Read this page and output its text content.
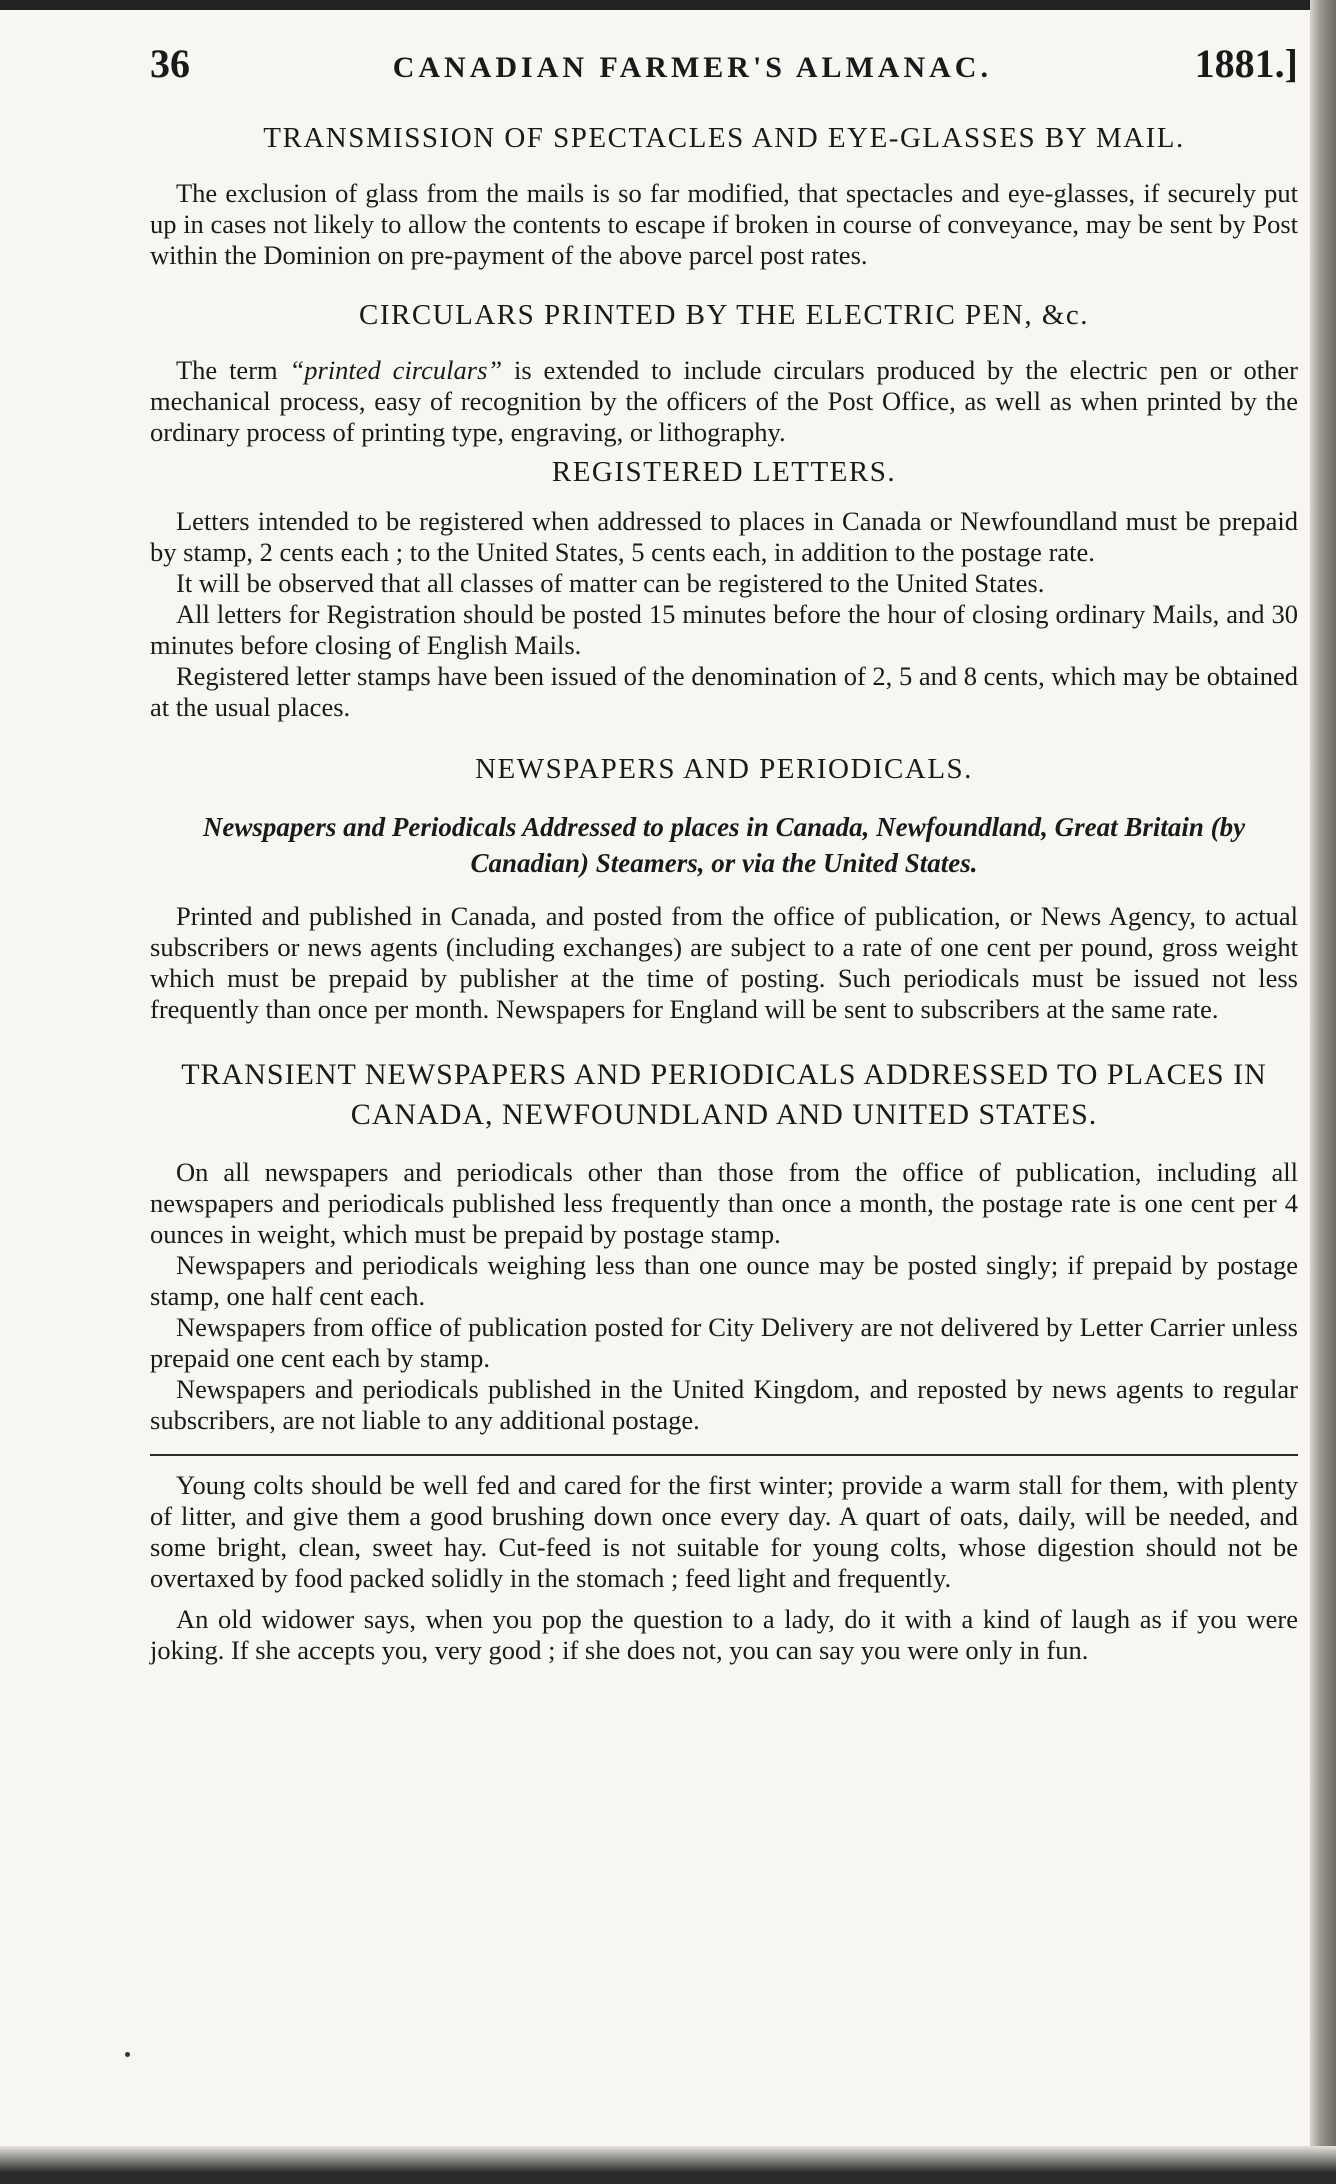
36	CANADIAN FARMER'S ALMANAC.	1881.]
TRANSMISSION OF SPECTACLES AND EYE-GLASSES BY MAIL.

The exclusion of glass from the mails is so far modified, that spectacles and eye-glasses, if securely put up in cases not likely to allow the contents to escape if broken in course of conveyance, may be sent by Post within the Dominion on pre-payment of the above parcel post rates.

CIRCULARS PRINTED BY THE ELECTRIC PEN, &c.

The term “printed circulars” is extended to include circulars produced by the electric pen or other mechanical process, easy of recognition by the officers of the Post Office, as well as when printed by the ordinary process of printing type, engraving, or lithography.

REGISTERED LETTERS.

Letters intended to be registered when addressed to places in Canada or Newfoundland must be prepaid by stamp, 2 cents each ; to the United States, 5 cents each, in addition to the postage rate.

It will be observed that all classes of matter can be registered to the United States.

All letters for Registration should be posted 15 minutes before the hour of closing ordinary Mails, and 30 minutes before closing of English Mails.

Registered letter stamps have been issued of the denomination of 2, 5 and 8 cents, which may be obtained at the usual places.

NEWSPAPERS AND PERIODICALS.
Newspapers and Periodicals Addressed to places in Canada, Newfoundland, Great Britain (by Canadian) Steamers, or via the United States.

Printed and published in Canada, and posted from the office of publication, or News Agency, to actual subscribers or news agents (including exchanges) are subject to a rate of one cent per pound, gross weight which must be prepaid by publisher at the time of posting. Such periodicals must be issued not less frequently than once per month. Newspapers for England will be sent to subscribers at the same rate.

TRANSIENT NEWSPAPERS AND PERIODICALS ADDRESSED TO PLACES IN CANADA, NEWFOUNDLAND AND UNITED STATES.

On all newspapers and periodicals other than those from the office of publication, including all newspapers and periodicals published less frequently than once a month, the postage rate is one cent per 4 ounces in weight, which must be prepaid by postage stamp.

Newspapers and periodicals weighing less than one ounce may be posted singly; if prepaid by postage stamp, one half cent each.

Newspapers from office of publication posted for City Delivery are not delivered by Letter Carrier unless prepaid one cent each by stamp.

Newspapers and periodicals published in the United Kingdom, and reposted by news agents to regular subscribers, are not liable to any additional postage.

Young colts should be well fed and cared for the first winter; provide a warm stall for them, with plenty of litter, and give them a good brushing down once every day. A quart of oats, daily, will be needed, and some bright, clean, sweet hay. Cut-feed is not suitable for young colts, whose digestion should not be overtaxed by food packed solidly in the stomach ; feed light and frequently.

An old widower says, when you pop the question to a lady, do it with a kind of laugh as if you were joking. If she accepts you, very good ; if she does not, you can say you were only in fun.
